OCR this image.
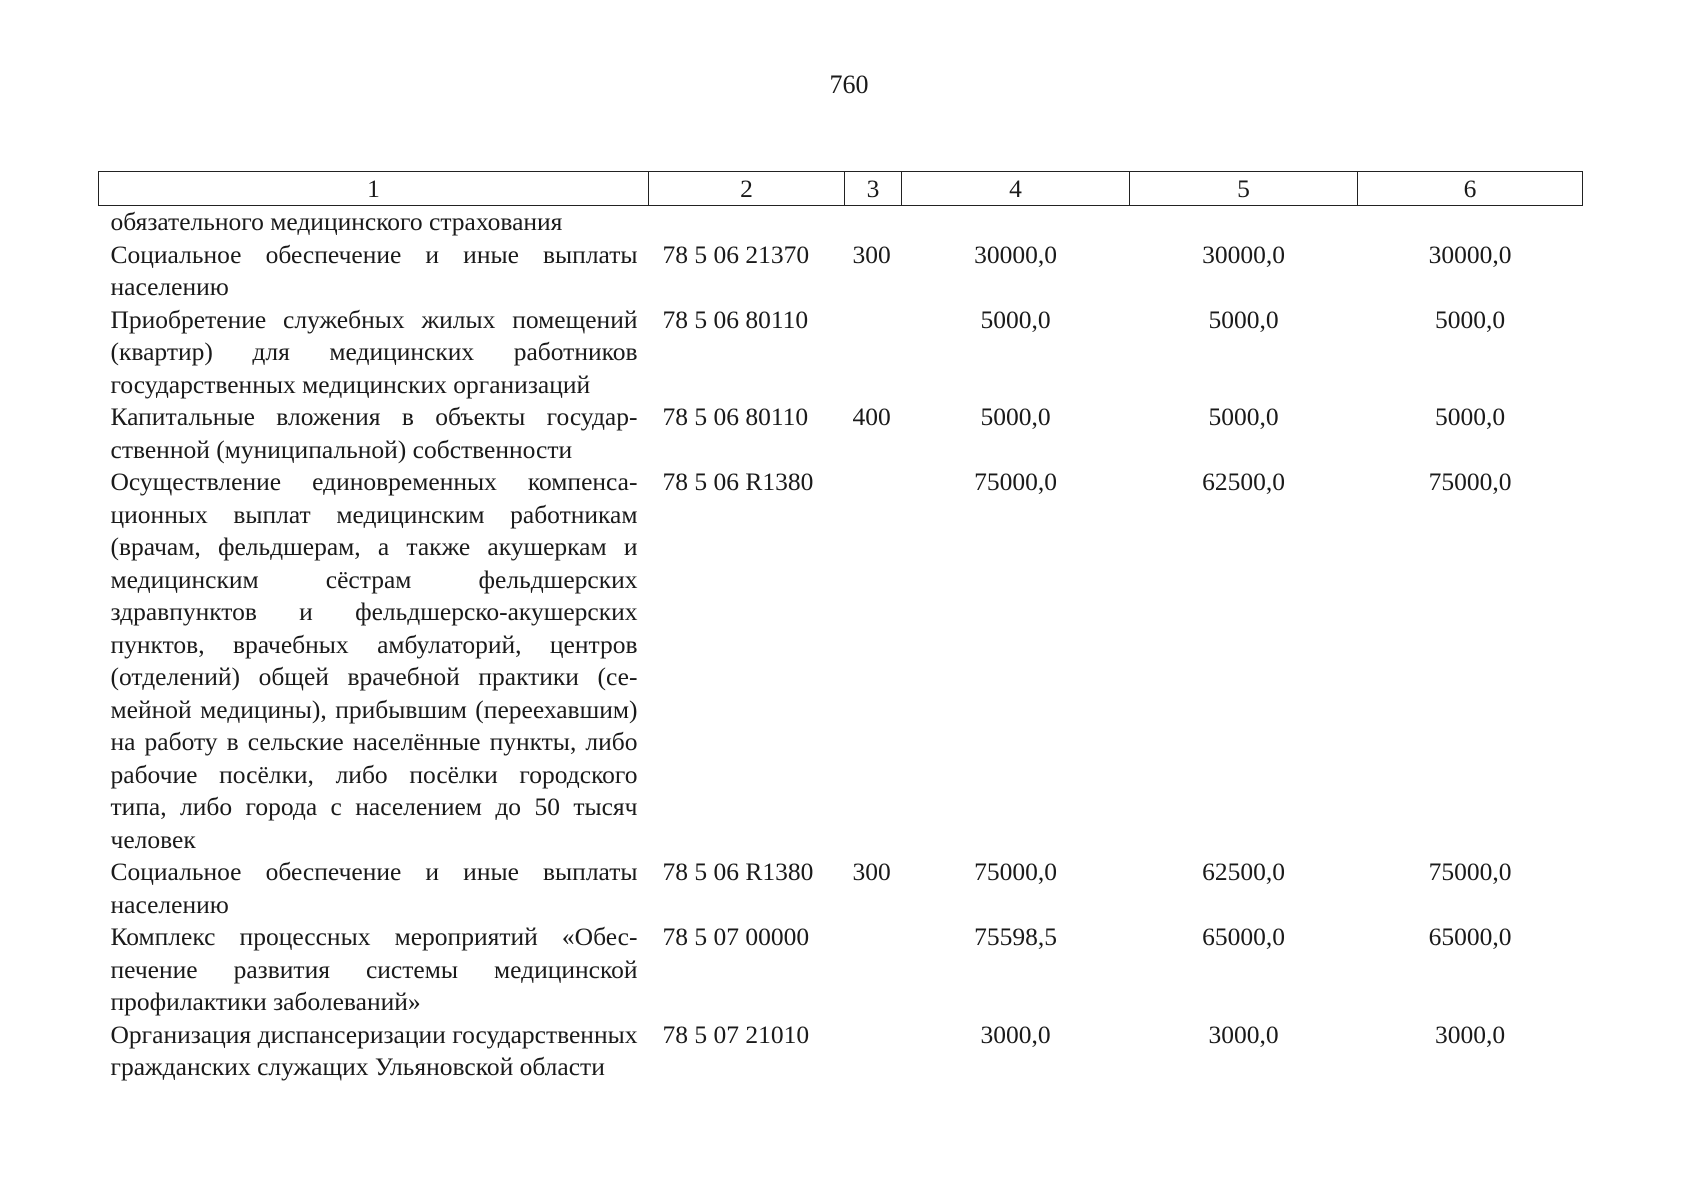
760
1	2	3	4	5	6
обязательного медицинского страхования					
Социальное обеспечение и иные выплаты населению	78 5 06 21370	300	30000,0	30000,0	30000,0
Приобретение служебных жилых помещений (квартир) для медицинских работников государственных медицинских организаций	78 5 06 80110		5000,0	5000,0	5000,0
Капитальные вложения в объекты государственной (муниципальной) собственности	78 5 06 80110	400	5000,0	5000,0	5000,0
Осуществление единовременных компенсационных выплат медицинским работникам (врачам, фельдшерам, а также акушеркам и медицинским сёстрам фельдшерских здравпунктов и фельдшерско-акушерских пунктов, врачебных амбулаторий, центров (отделений) общей врачебной практики (семейной медицины), прибывшим (переехавшим) на работу в сельские населённые пункты, либо рабочие посёлки, либо посёлки городского типа, либо города с населением до 50 тысяч человек	78 5 06 R1380		75000,0	62500,0	75000,0
Социальное обеспечение и иные выплаты населению	78 5 06 R1380	300	75000,0	62500,0	75000,0
Комплекс процессных мероприятий «Обеспечение развития системы медицинской профилактики заболеваний»	78 5 07 00000		75598,5	65000,0	65000,0
Организация диспансеризации государственных гражданских служащих Ульяновской области	78 5 07 21010		3000,0	3000,0	3000,0
